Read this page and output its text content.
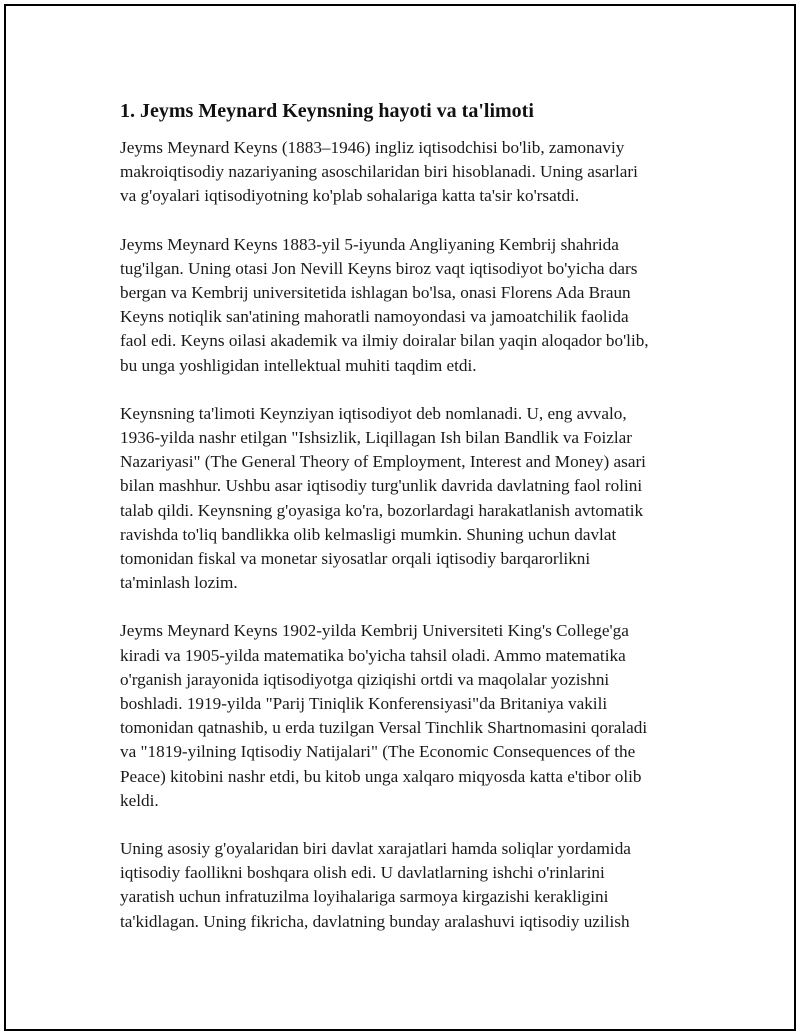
1. Jeyms Meynard Keynsning hayoti va ta'limoti
Jeyms Meynard Keyns (1883–1946) ingliz iqtisodchisi bo'lib, zamonaviy
makroiqtisodiy nazariyaning asoschilaridan biri hisoblanadi. Uning asarlari
va g'oyalari iqtisodiyotning ko'plab sohalariga katta ta'sir ko'rsatdi.
Jeyms Meynard Keyns 1883-yil 5-iyunda Angliyaning Kembrij shahrida
tug'ilgan. Uning otasi Jon Nevill Keyns biroz vaqt iqtisodiyot bo'yicha dars
bergan va Kembrij universitetida ishlagan bo'lsa, onasi Florens Ada Braun
Keyns notiqlik san'atining mahoratli namoyondasi va jamoatchilik faolida
faol edi. Keyns oilasi akademik va ilmiy doiralar bilan yaqin aloqador bo'lib,
bu unga yoshligidan intellektual muhiti taqdim etdi.
Keynsning ta'limoti Keynziyan iqtisodiyot deb nomlanadi. U, eng avvalo,
1936-yilda nashr etilgan "Ishsizlik, Liqillagan Ish bilan Bandlik va Foizlar
Nazariyasi" (The General Theory of Employment, Interest and Money) asari
bilan mashhur. Ushbu asar iqtisodiy turg'unlik davrida davlatning faol rolini
talab qildi. Keynsning g'oyasiga ko'ra, bozorlardagi harakatlanish avtomatik
ravishda to'liq bandlikka olib kelmasligi mumkin. Shuning uchun davlat
tomonidan fiskal va monetar siyosatlar orqali iqtisodiy barqarorlikni
ta'minlash lozim.
Jeyms Meynard Keyns 1902-yilda Kembrij Universiteti King's College'ga
kiradi va 1905-yilda matematika bo'yicha tahsil oladi. Ammo matematika
o'rganish jarayonida iqtisodiyotga qiziqishi ortdi va maqolalar yozishni
boshladi. 1919-yilda "Parij Tiniqlik Konferensiyasi"da Britaniya vakili
tomonidan qatnashib, u erda tuzilgan Versal Tinchlik Shartnomasini qoraladi
va "1819-yilning Iqtisodiy Natijalari" (The Economic Consequences of the
Peace) kitobini nashr etdi, bu kitob unga xalqaro miqyosda katta e'tibor olib
keldi.
Uning asosiy g'oyalaridan biri davlat xarajatlari hamda soliqlar yordamida
iqtisodiy faollikni boshqara olish edi. U davlatlarning ishchi o'rinlarini
yaratish uchun infratuzilma loyihalariga sarmoya kirgazishi kerakligini
ta'kidlagan. Uning fikricha, davlatning bunday aralashuvi iqtisodiy uzilish
